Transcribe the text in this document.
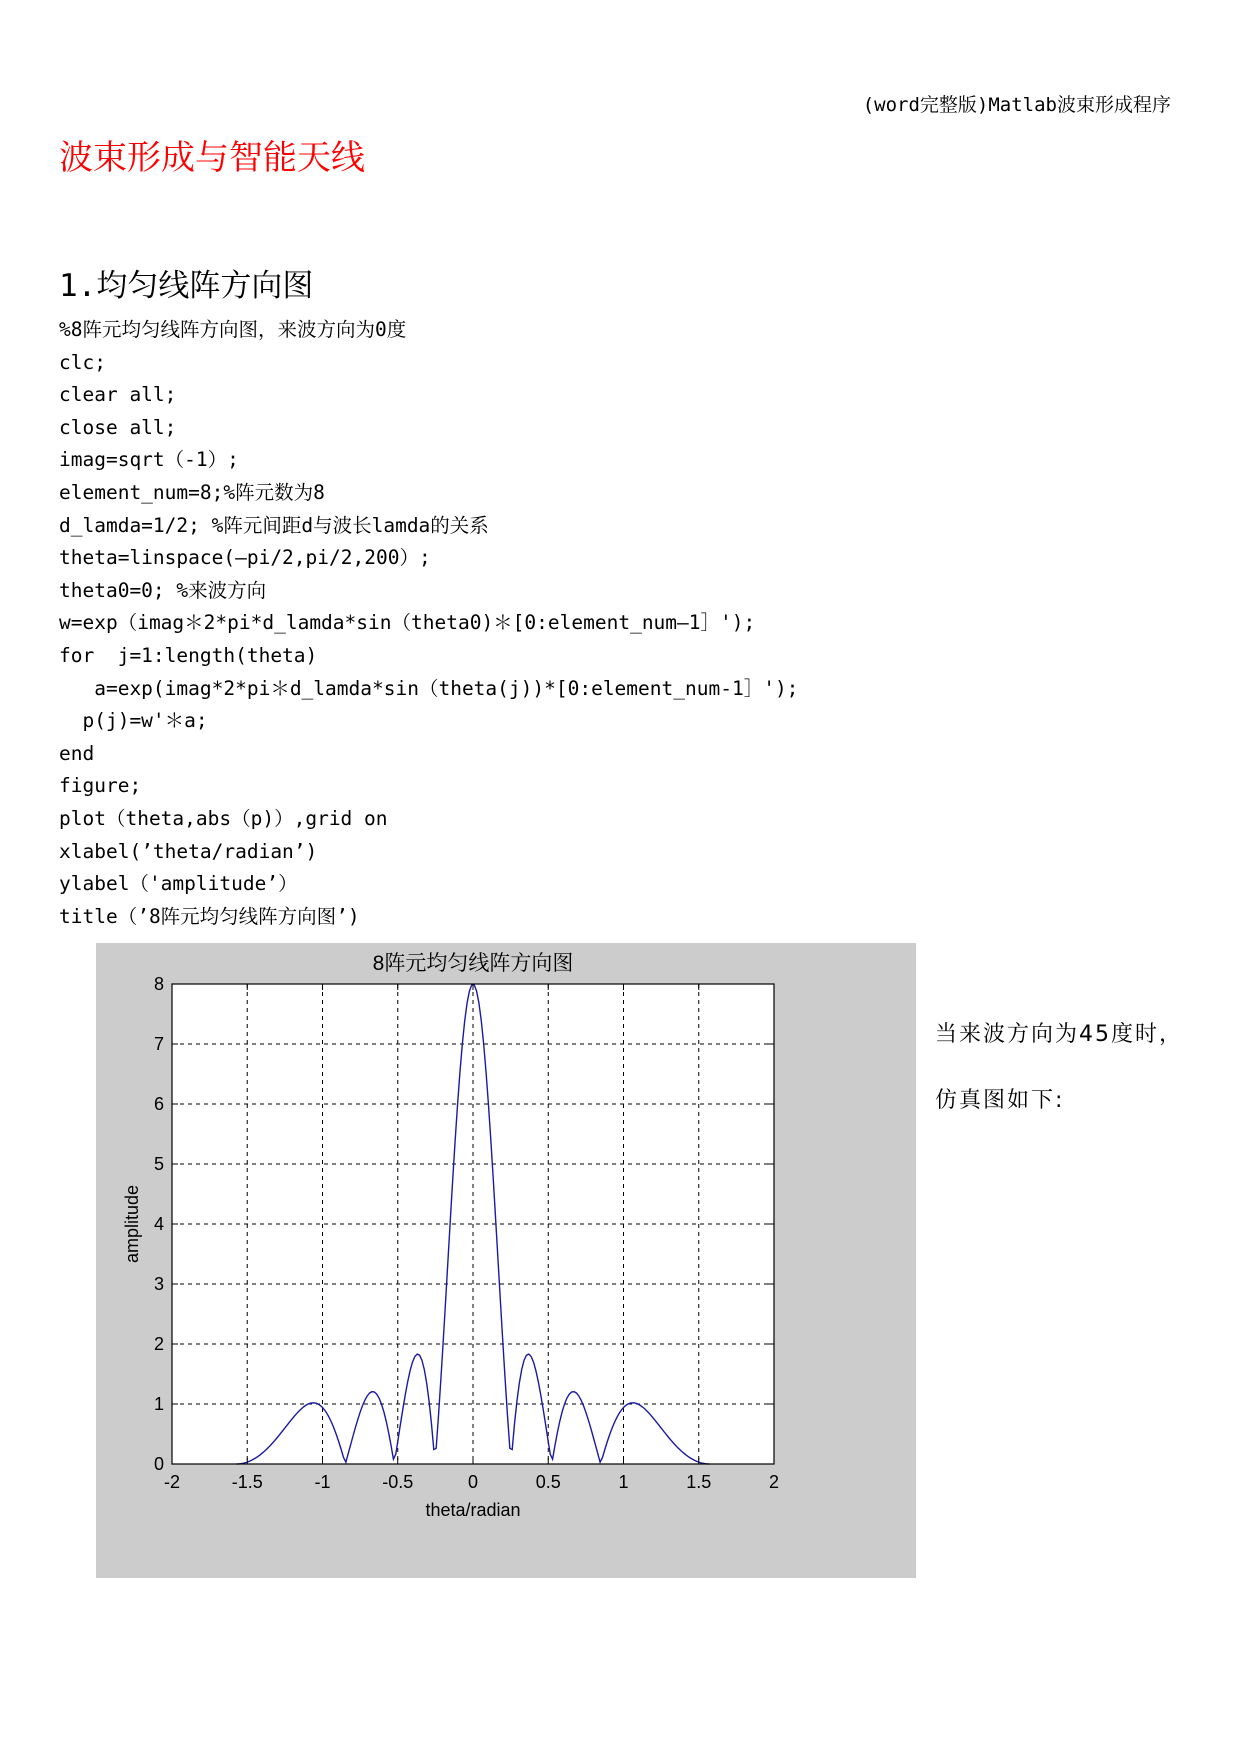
(word完整版)Matlab波束形成程序
波束形成与智能天线
1.均匀线阵方向图
%8阵元均匀线阵方向图，来波方向为0度
clc;
clear all;
close all;
imag=sqrt（-1）;
element_num=8;%阵元数为8
d_lamda=1/2; %阵元间距d与波长lamda的关系
theta=linspace(—pi/2,pi/2,200）;
theta0=0; %来波方向
w=exp（imag＊2*pi*d_lamda*sin（theta0)＊[0:element_num—1］');
for  j=1:length(theta)
a=exp(imag*2*pi＊d_lamda*sin（theta(j))*[0:element_num-1］');
p(j)=w'＊a;
end
figure;
plot（theta,abs（p)）,grid on
xlabel(’theta/radian’)
ylabel（'amplitude’）
title（’8阵元均匀线阵方向图’)
-2	-1.5	-1	-0.5	0	0.5	1	1.5	2
0
1
2
3
4
5
6
7
8
8阵元均匀线阵方向图
theta/radian
amplitude
当来波方向为45度时，仿真图如下:
